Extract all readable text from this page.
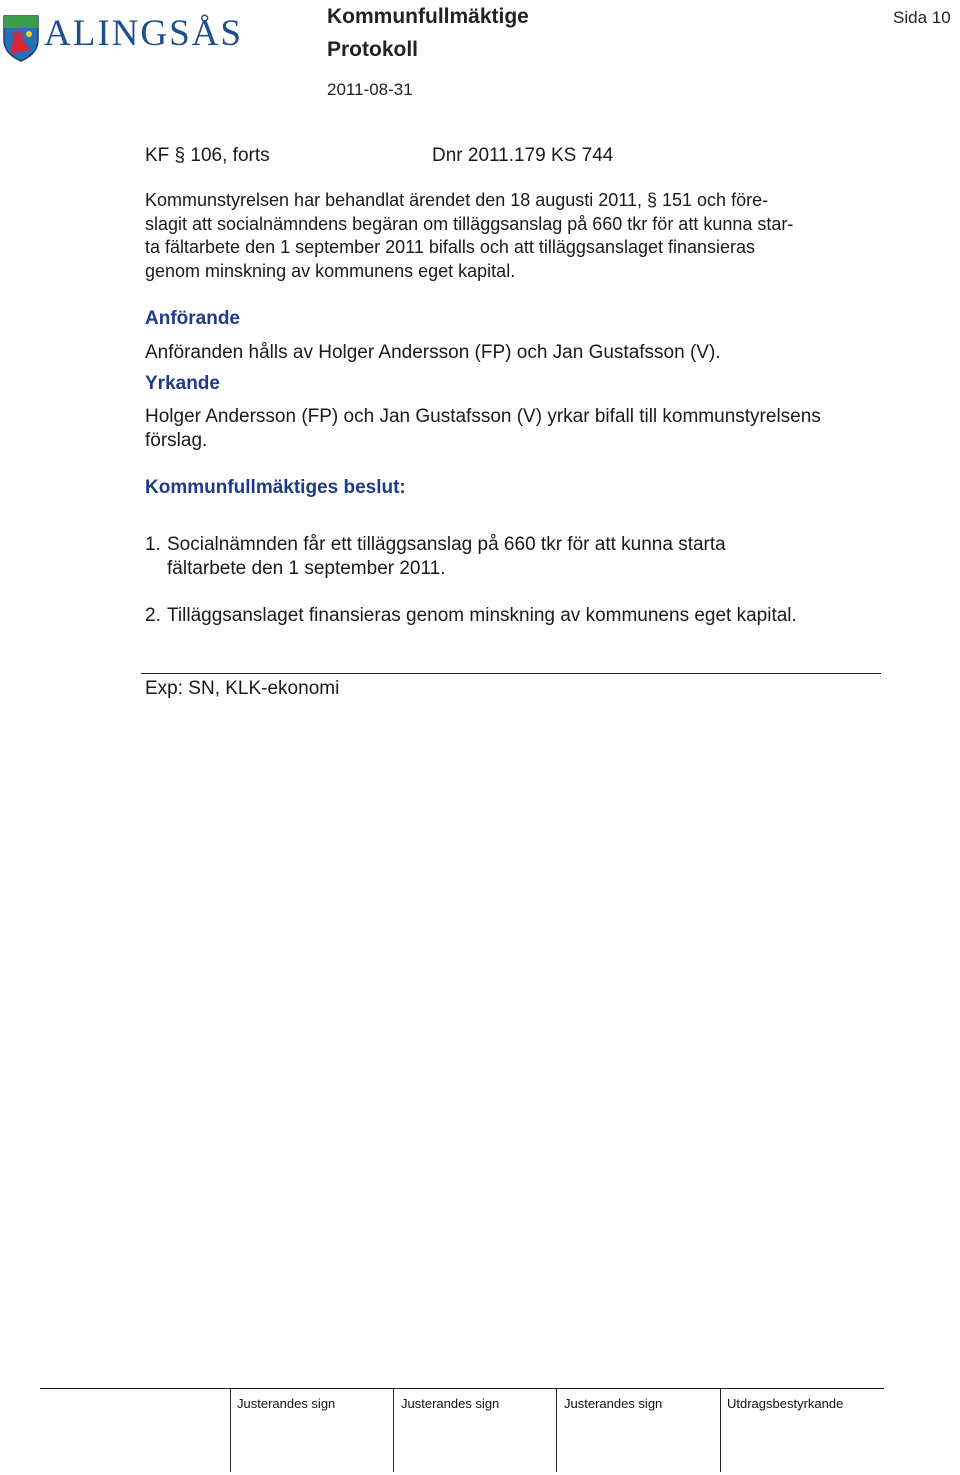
ALINGSÅS	Kommunfullmäktige
Protokoll
2011-08-31
Sida 10
KF § 106, forts	Dnr 2011.179 KS 744
Kommunstyrelsen har behandlat ärendet den 18 augusti 2011, § 151 och före-
slagit att socialnämndens begäran om tilläggsanslag på 660 tkr för att kunna star-
ta fältarbete den 1 september 2011 bifalls och att tilläggsanslaget finansieras
genom minskning av kommunens eget kapital.
Anförande
Anföranden hålls av Holger Andersson (FP) och Jan Gustafsson (V).
Yrkande
Holger Andersson (FP) och Jan Gustafsson (V) yrkar bifall till kommunstyrelsens
förslag.
Kommunfullmäktiges beslut:
1. Socialnämnden får ett tilläggsanslag på 660 tkr för att kunna starta
fältarbete den 1 september 2011.
2. Tilläggsanslaget finansieras genom minskning av kommunens eget kapital.
Exp: SN, KLK-ekonomi
Justerandes sign	Justerandes sign	Justerandes sign	Utdragsbestyrkande
